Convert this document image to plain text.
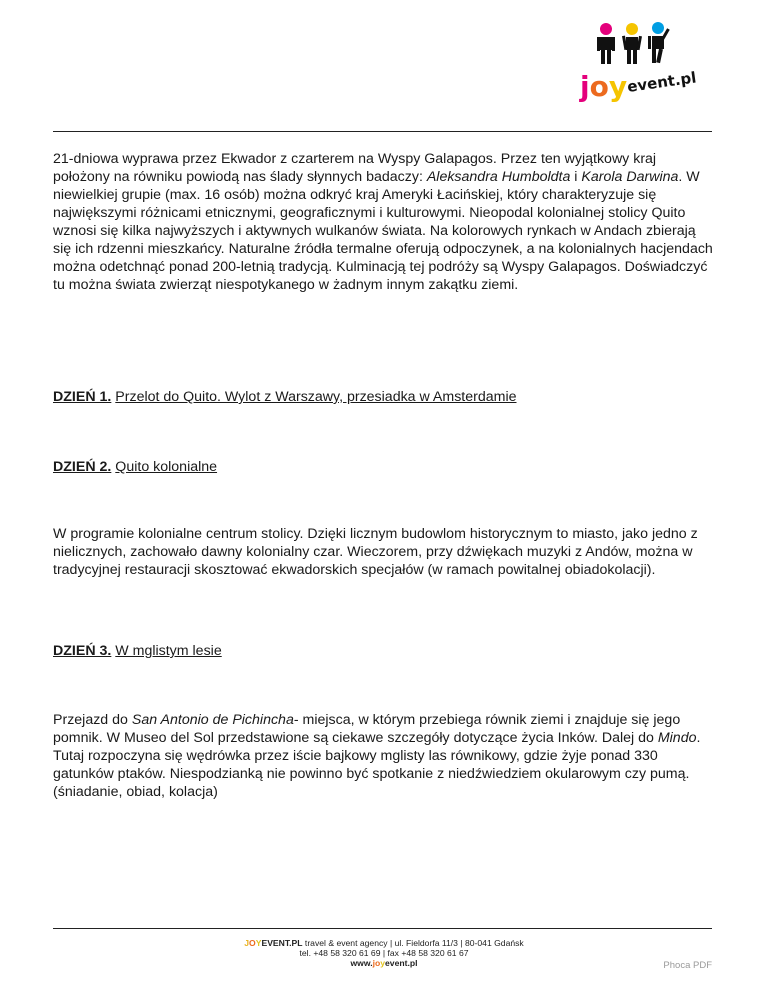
joy
event.pl

21-dniowa wyprawa przez Ekwador z czarterem na Wyspy Galapagos. Przez ten wyjątkowy kraj położony na równiku powiodą nas ślady słynnych badaczy: Aleksandra Humboldta i Karola Darwina. W niewielkiej grupie (max. 16 osób) można odkryć kraj Ameryki Łacińskiej, który charakteryzuje się największymi różnicami etnicznymi, geograficznymi i kulturowymi. Nieopodal kolonialnej stolicy Quito wznosi się kilka najwyższych i aktywnych wulkanów świata. Na kolorowych rynkach w Andach zbierają się ich rdzenni mieszkańcy. Naturalne źródła termalne oferują odpoczynek, a na kolonialnych hacjendach można odetchnąć ponad 200-letnią tradycją. Kulminacją tej podróży są Wyspy Galapagos. Doświadczyć tu można świata zwierząt niespotykanego w żadnym innym zakątku ziemi.

DZIEŃ 1. Przelot do Quito. Wylot z Warszawy, przesiadka w Amsterdamie

DZIEŃ 2. Quito kolonialne

W programie kolonialne centrum stolicy. Dzięki licznym budowlom historycznym to miasto, jako jedno z nielicznych, zachowało dawny kolonialny czar. Wieczorem, przy dźwiękach muzyki z Andów, można w tradycyjnej restauracji skosztować ekwadorskich specjałów (w ramach powitalnej obiadokolacji).

DZIEŃ 3. W mglistym lesie

Przejazd do San Antonio de Pichincha- miejsca, w którym przebiega równik ziemi i znajduje się jego pomnik. W Museo del Sol przedstawione są ciekawe szczegóły dotyczące życia Inków. Dalej do Mindo. Tutaj rozpoczyna się wędrówka przez iście bajkowy mglisty las równikowy, gdzie żyje ponad 330 gatunków ptaków. Niespodzianką nie powinno być spotkanie z niedźwiedziem okularowym czy pumą. (śniadanie, obiad, kolacja)

JOYEVENT.PL travel & event agency | ul. Fieldorfa 11/3 | 80-041 Gdańsk
tel. +48 58 320 61 69 | fax +48 58 320 61 67
www.joyevent.pl	Phoca PDF
